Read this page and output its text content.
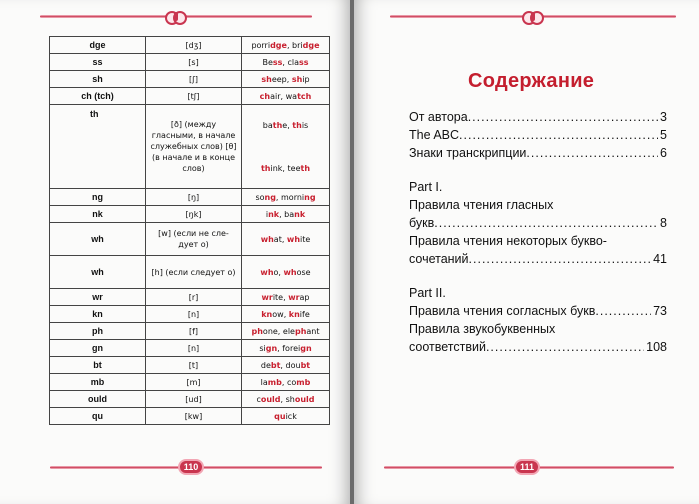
dge	[dʒ]	porridge, bridge

ss	[s]	Bess, class

sh	[ʃ]	sheep, ship

ch (tch)	[tʃ]	chair, watch

th	[ð] (между гласными, в начале служебных слов) [θ] (в начале и в конце слов)	bathe, this
think, teeth

ng	[ŋ]	song, morning

nk	[ŋk]	ink, bank

wh	[w] (если не сле-дует о)	what, white

wh	[h] (если следует о)	who, whose

wr	[r]	write, wrap

kn	[n]	know, knife

ph	[f]	phone, elephant

gn	[n]	sign, foreign

bt	[t]	debt, doubt

mb	[m]	lamb, comb

ould	[ud]	could, should

qu	[kw]	quick
110	111
Содержание
От автора .....	3
The ABC .....	5
Знаки транскрипции .....	6
Part I.
Правила чтения гласных
букв .....	8
Правила чтения некоторых букво-
сочетаний .....	41
Part II.
Правила чтения согласных букв .....	73
Правила звукобуквенных
соответствий .....	108
